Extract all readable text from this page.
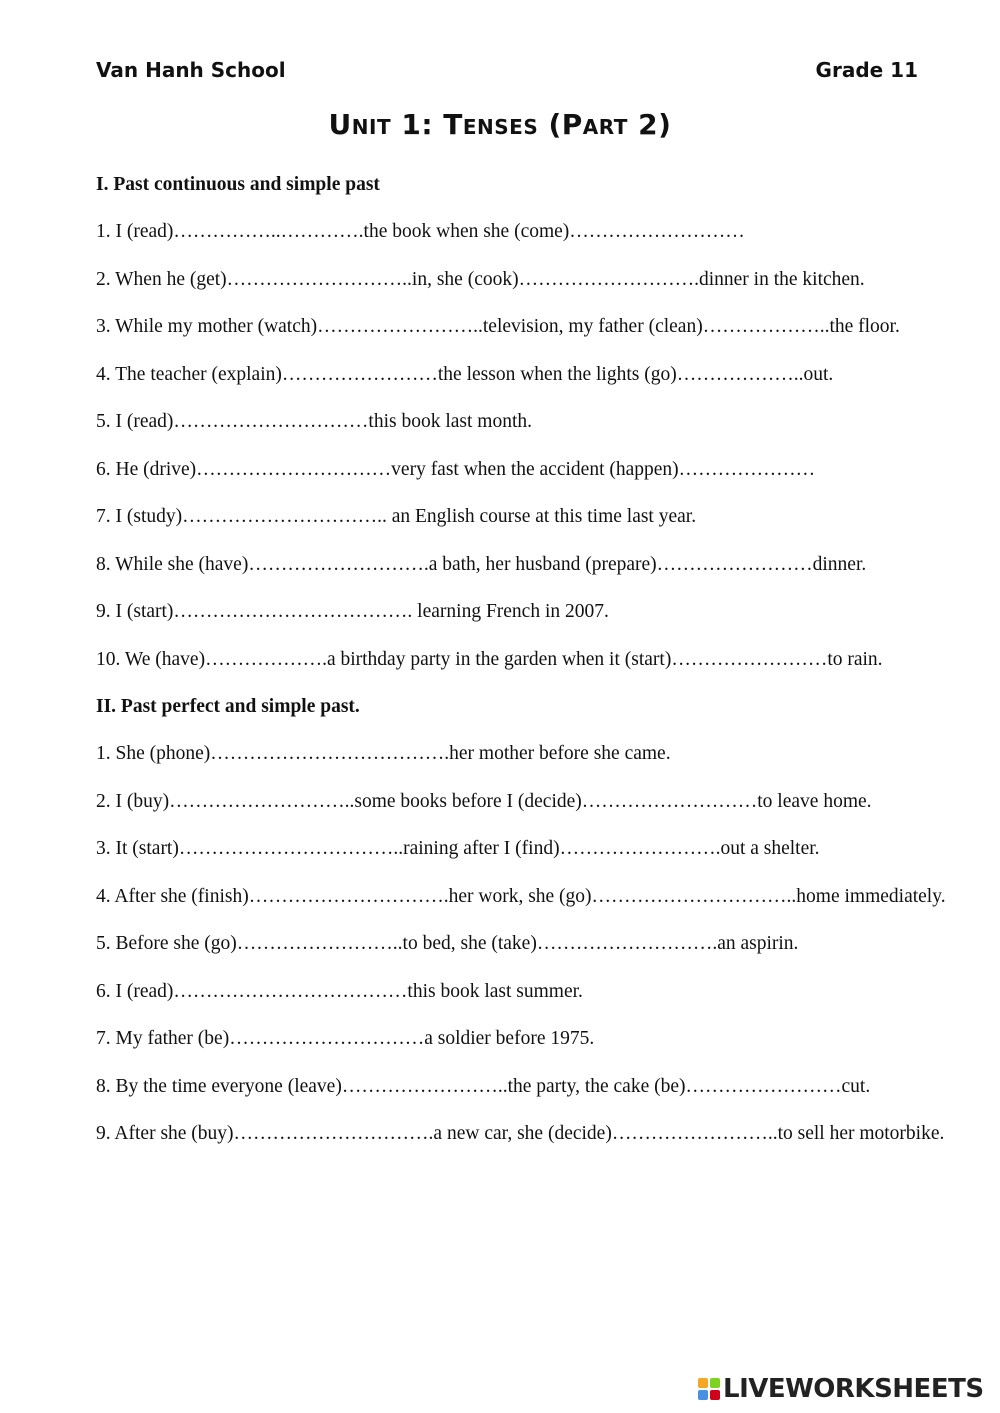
Van Hanh School	Grade 11
Unit 1: Tenses (Part 2)
I. Past continuous and simple past
1. I (read)……………..………….the book when she (come)………………………
2. When he (get)………………………..in, she (cook)……………………….dinner in the kitchen.
3. While my mother (watch)……………………..television, my father (clean)………………..the floor.
4. The teacher (explain)……………………the lesson when the lights (go)………………..out.
5. I (read)…………………………this book last month.
6. He (drive)…………………………very fast when the accident (happen)…………………
7. I (study)………………………….. an English course at this time last year.
8. While she (have)……………………….a bath, her husband (prepare)……………………dinner.
9. I (start)………………………………. learning French in 2007.
10. We (have)……………….a birthday party in the garden when it (start)……………………to rain.
II. Past perfect and simple past.
1. She (phone)……………………………….her mother before she came.
2. I (buy)………………………..some books before I (decide)………………………to leave home.
3. It (start)……………………………..raining after I (find)…………………….out a shelter.
4. After she (finish)………………………….her work, she (go)…………………………..home immediately.
5. Before she (go)……………………..to bed, she (take)……………………….an aspirin.
6. I (read)………………………………this book last summer.
7. My father (be)…………………………a soldier before 1975.
8. By the time everyone (leave)……………………..the party, the cake (be)……………………cut.
9. After she (buy)………………………….a new car, she (decide)……………………..to sell her motorbike.
LIVEWORKSHEETS
